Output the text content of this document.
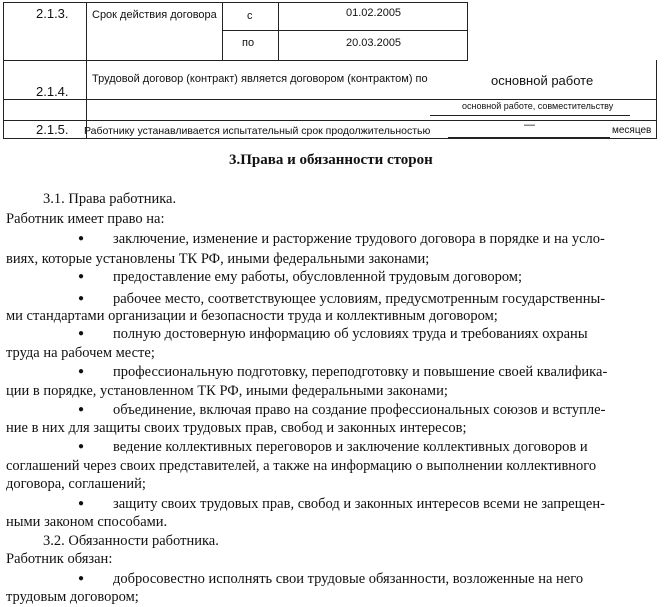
2.1.3. Срок действия договора	с	01.02.2005
по	20.03.2005
2.1.4.
Трудовой договор (контракт) является договором (контрактом) по	основной работе
основной работе, совместительству
2.1.5. Работнику устанавливается испытательный срок продолжительностью	—	месяцев
3.Права и обязанности сторон
3.1. Права работника.
Работник имеет право на:
● заключение, изменение и расторжение трудового договора в порядке и на усло-
виях, которые установлены ТК РФ, иными федеральными законами;
● предоставление ему работы, обусловленной трудовым договором;
● рабочее место, соответствующее условиям, предусмотренным государственны-
ми стандартами организации и безопасности труда и коллективным договором;
● полную достоверную информацию об условиях труда и требованиях охраны
труда на рабочем месте;
● профессиональную подготовку, переподготовку и повышение своей квалифика-
ции в порядке, установленном ТК РФ, иными федеральными законами;
● объединение, включая право на создание профессиональных союзов и вступле-
ние в них для защиты своих трудовых прав, свобод и законных интересов;
● ведение коллективных переговоров и заключение коллективных договоров и
соглашений через своих представителей, а также на информацию о выполнении коллективного
договора, соглашений;
● защиту своих трудовых прав, свобод и законных интересов всеми не запрещен-
ными законом способами.
3.2. Обязанности работника.
Работник обязан:
● добросовестно исполнять свои трудовые обязанности, возложенные на него
трудовым договором;
